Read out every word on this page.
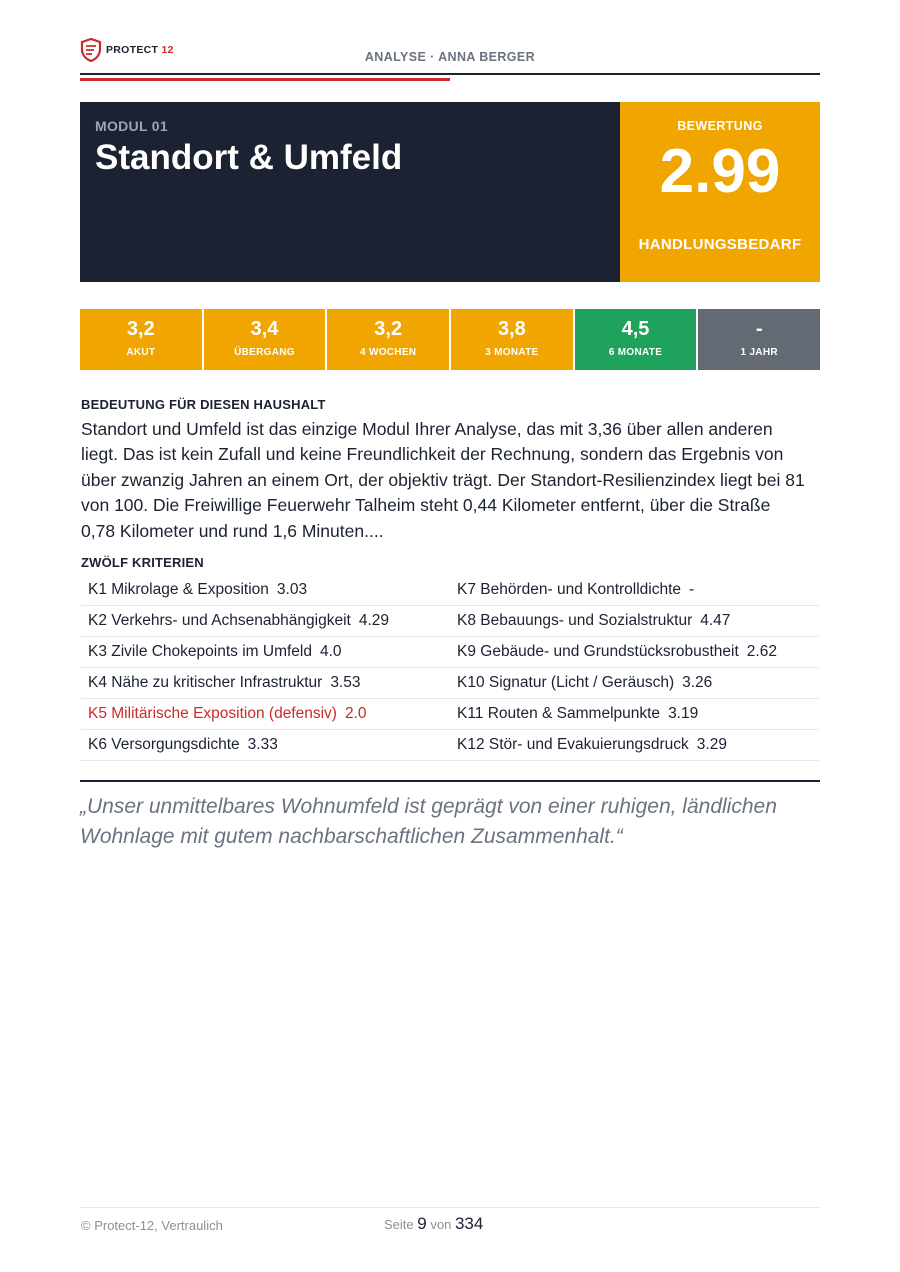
PROTECT 12	ANALYSE · ANNA BERGER
MODUL 01
Standort & Umfeld
BEWERTUNG
2.99
HANDLUNGSBEDARF
3,2
AKUT
3,4
ÜBERGANG
3,2
4 WOCHEN
3,8
3 MONATE
4,5
6 MONATE
-
1 JAHR
BEDEUTUNG FÜR DIESEN HAUSHALT
Standort und Umfeld ist das einzige Modul Ihrer Analyse, das mit 3,36 über allen anderen liegt. Das ist kein Zufall und keine Freundlichkeit der Rechnung, sondern das Ergebnis von über zwanzig Jahren an einem Ort, der objektiv trägt. Der Standort-Resilienzindex liegt bei 81 von 100. Die Freiwillige Feuerwehr Talheim steht 0,44 Kilometer entfernt, über die Straße 0,78 Kilometer und rund 1,6 Minuten....
ZWÖLF KRITERIEN
K1 Mikrolage & Exposition 3.03	K7 Behörden- und Kontrolldichte -
K2 Verkehrs- und Achsenabhängigkeit 4.29	K8 Bebauungs- und Sozialstruktur 4.47
K3 Zivile Chokepoints im Umfeld 4.0	K9 Gebäude- und Grundstücksrobustheit 2.62
K4 Nähe zu kritischer Infrastruktur 3.53	K10 Signatur (Licht / Geräusch) 3.26
K5 Militärische Exposition (defensiv) 2.0	K11 Routen & Sammelpunkte 3.19
K6 Versorgungsdichte 3.33	K12 Stör- und Evakuierungsdruck 3.29
„Unser unmittelbares Wohnumfeld ist geprägt von einer ruhigen, ländlichen Wohnlage mit gutem nachbarschaftlichen Zusammenhalt.“
© Protect-12, Vertraulich	Seite 9 von 334
